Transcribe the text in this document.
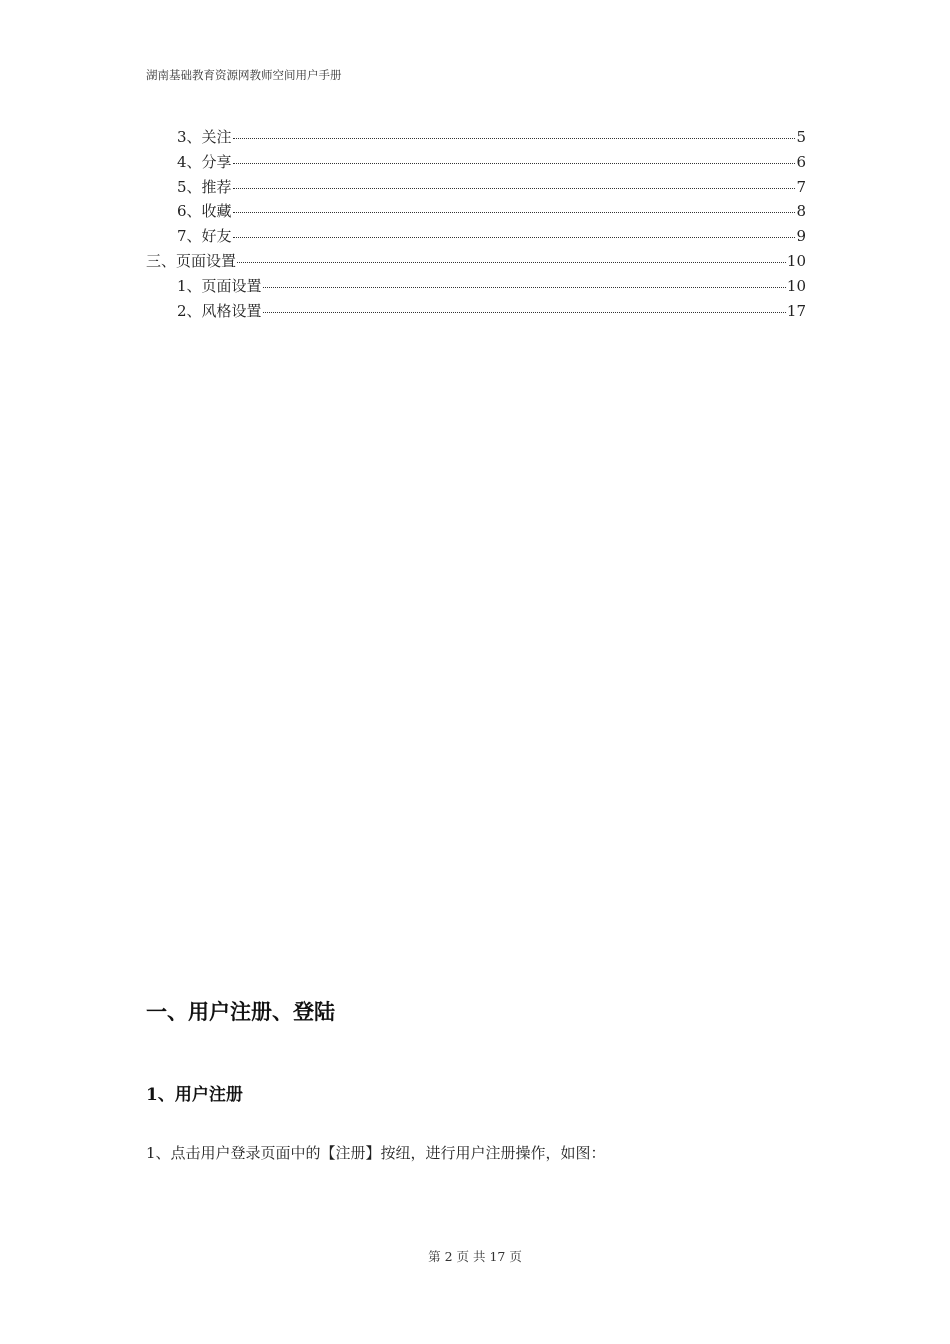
湖南基础教育资源网教师空间用户手册
3、关注	5
4、分享	6
5、推荐	7
6、收藏	8
7、好友	9
三、页面设置	10
1、页面设置	10
2、风格设置	17
一、用户注册、登陆
1、用户注册
1、点击用户登录页面中的【注册】按纽，进行用户注册操作，如图：
第 2 页 共 17 页
